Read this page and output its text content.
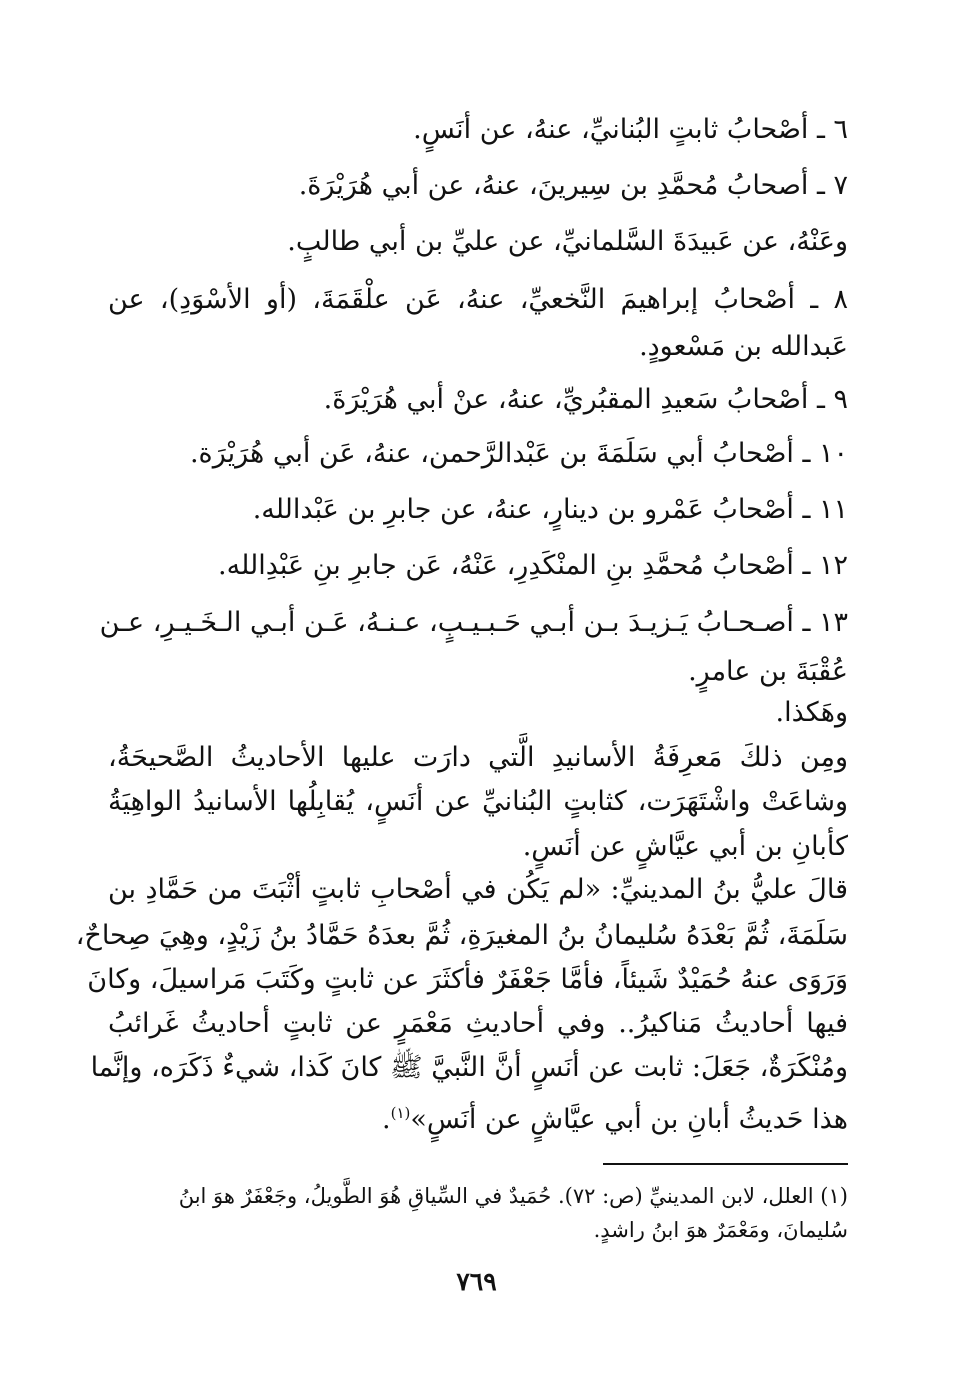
٦ ـ أصْحابُ ثابتٍ البُنانيِّ، عنهُ، عن أنَسٍ.
٧ ـ أصحابُ مُحمَّدِ بن سِيرينَ، عنهُ، عن أبي هُرَيْرَةَ.
وعَنْهُ، عن عَبيدَةَ السَّلمانيِّ، عن عليِّ بن أبي طالبٍ.
٨ ـ أصْحابُ إبراهيمَ النَّخعيِّ، عنهُ، عَن علْقَمَةَ، (أو الأسْوَدِ)، عن
عَبدالله بن مَسْعودٍ.
٩ ـ أصْحابُ سَعيدِ المقبُريِّ، عنهُ، عنْ أبي هُرَيْرَةَ.
١٠ ـ أصْحابُ أبي سَلَمَةَ بن عَبْدالرَّحمن، عنهُ، عَن أبي هُرَيْرَة.
١١ ـ أصْحابُ عَمْرو بن دينارٍ، عنهُ، عن جابرِ بن عَبْدالله.
١٢ ـ أصْحابُ مُحمَّدِ بنِ المنْكَدِرِ، عَنْهُ، عَن جابرِ بنِ عَبْدِالله.
١٣ ـ أصـحـابُ يَـزيـدَ بـن أبـي حَـبـيـبٍ، عـنـهُ، عَـن أبـي الـخَـيـرِ، عـن
عُقْبَةَ بن عامرٍ.
وهَكذا.
ومِن ذلكَ مَعرِفَةُ الأسانيدِ الَّتي دارَت عليها الأحاديثُ الصَّحيحَةُ،
وشاعَتْ واشْتَهَرَت، كثابتٍ البُنانيِّ عن أنَسٍ، يُقابِلُها الأسانيدُ الواهِيَةُ
كأبانِ بن أبي عيَّاشٍ عن أنَسٍ.
قالَ عليُّ بنُ المدينيِّ: «لم يَكُن في أصْحابِ ثابتٍ أثْبَتَ من حَمَّادِ بن
سَلَمَةَ، ثُمَّ بَعْدَهُ سُليمانُ بنُ المغيرَةِ، ثُمَّ بعدَهُ حَمَّادُ بنُ زَيْدٍ، وهِيَ صِحاحٌ،
وَرَوَى عنهُ حُمَيْدٌ شَيئاً، فأمَّا جَعْفَرٌ فأكثَرَ عن ثابتٍ وكَتَبَ مَراسيلَ، وكانَ
فيها أحاديثُ مَناكيرُ.. وفي أحاديثِ مَعْمَرٍ عن ثابتٍ أحاديثُ غَرائبُ
ومُنْكَرَةٌ، جَعَلَ: ثابت عن أنَسٍ أنَّ النَّبيَّ ﷺ كانَ كَذا، شيءٌ ذَكَرَه، وإنَّما
هذا حَديثُ أبانِ بن أبي عيَّاشٍ عن أنَسٍ»$^{(١)}$.
(١) العلل، لابن المدينيِّ (ص: ٧٢). حُمَيدٌ في السِّياقِ هُوَ الطَّويلُ، وجَعْفَرٌ هوَ ابنُ
سُليمانَ، ومَعْمَرٌ هوَ ابنُ راشدٍ.
٧٦٩
